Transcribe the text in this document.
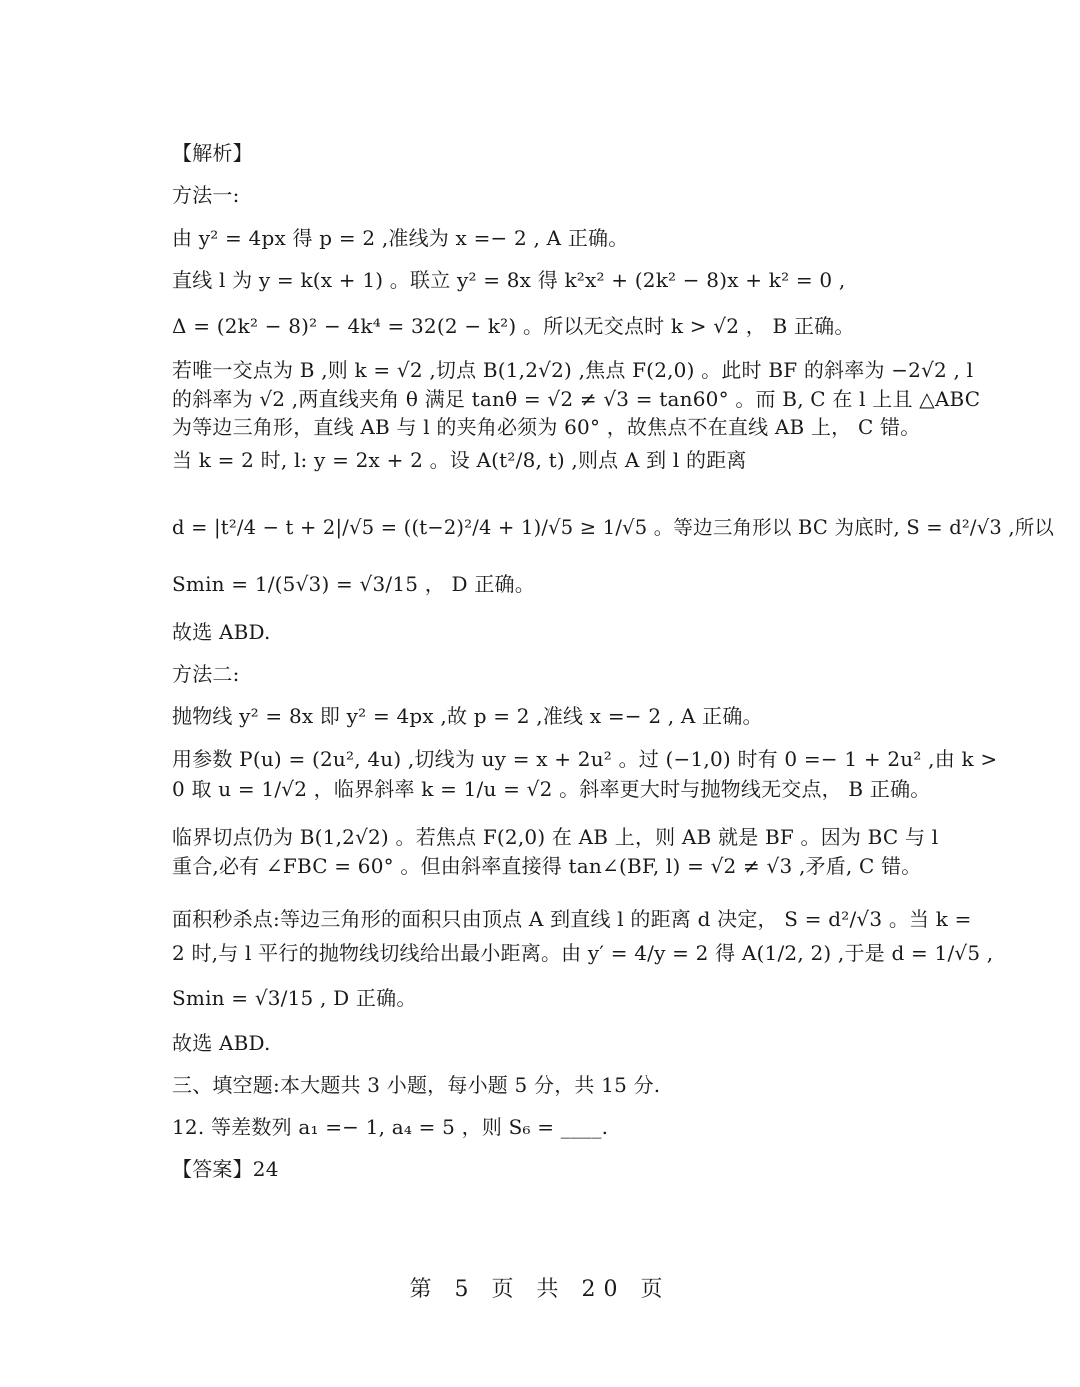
【解析】
方法一:
由 y² = 4px 得 p = 2 ,准线为 x =− 2 , A 正确。
直线 l 为 y = k(x + 1) 。联立 y² = 8x 得 k²x² + (2k² − 8)x + k² = 0 ,
Δ = (2k² − 8)² − 4k⁴ = 32(2 − k²) 。所以无交点时 k > √2 ， B 正确。
若唯一交点为 B ,则 k = √2 ,切点 B(1,2√2) ,焦点 F(2,0) 。此时 BF 的斜率为 −2√2 , l
的斜率为 √2 ,两直线夹角 θ 满足 tanθ = √2 ≠ √3 = tan60° 。而 B, C 在 l 上且 △ABC
为等边三角形，直线 AB 与 l 的夹角必须为 60° ，故焦点不在直线 AB 上， C 错。
当 k = 2 时, l: y = 2x + 2 。设 A(t²/8, t) ,则点 A 到 l 的距离
d = |t²/4 − t + 2|/√5 = ((t−2)²/4 + 1)/√5 ≥ 1/√5 。等边三角形以 BC 为底时, S = d²/√3 ,所以
Smin = 1/(5√3) = √3/15 ， D 正确。
故选 ABD.
方法二:
抛物线 y² = 8x 即 y² = 4px ,故 p = 2 ,准线 x =− 2 , A 正确。
用参数 P(u) = (2u², 4u) ,切线为 uy = x + 2u² 。过 (−1,0) 时有 0 =− 1 + 2u² ,由 k >
0 取 u = 1/√2 ，临界斜率 k = 1/u = √2 。斜率更大时与抛物线无交点， B 正确。
临界切点仍为 B(1,2√2) 。若焦点 F(2,0) 在 AB 上，则 AB 就是 BF 。因为 BC 与 l
重合,必有 ∠FBC = 60° 。但由斜率直接得 tan∠(BF, l) = √2 ≠ √3 ,矛盾, C 错。
面积秒杀点:等边三角形的面积只由顶点 A 到直线 l 的距离 d 决定， S = d²/√3 。当 k =
2 时,与 l 平行的抛物线切线给出最小距离。由 y′ = 4/y = 2 得 A(1/2, 2) ,于是 d = 1/√5 ,
Smin = √3/15 , D 正确。
故选 ABD.
三、填空题:本大题共 3 小题，每小题 5 分，共 15 分.
12. 等差数列 a₁ =− 1, a₄ = 5 ，则 S₆ = ____.
【答案】24
第 5 页 共 20 页
